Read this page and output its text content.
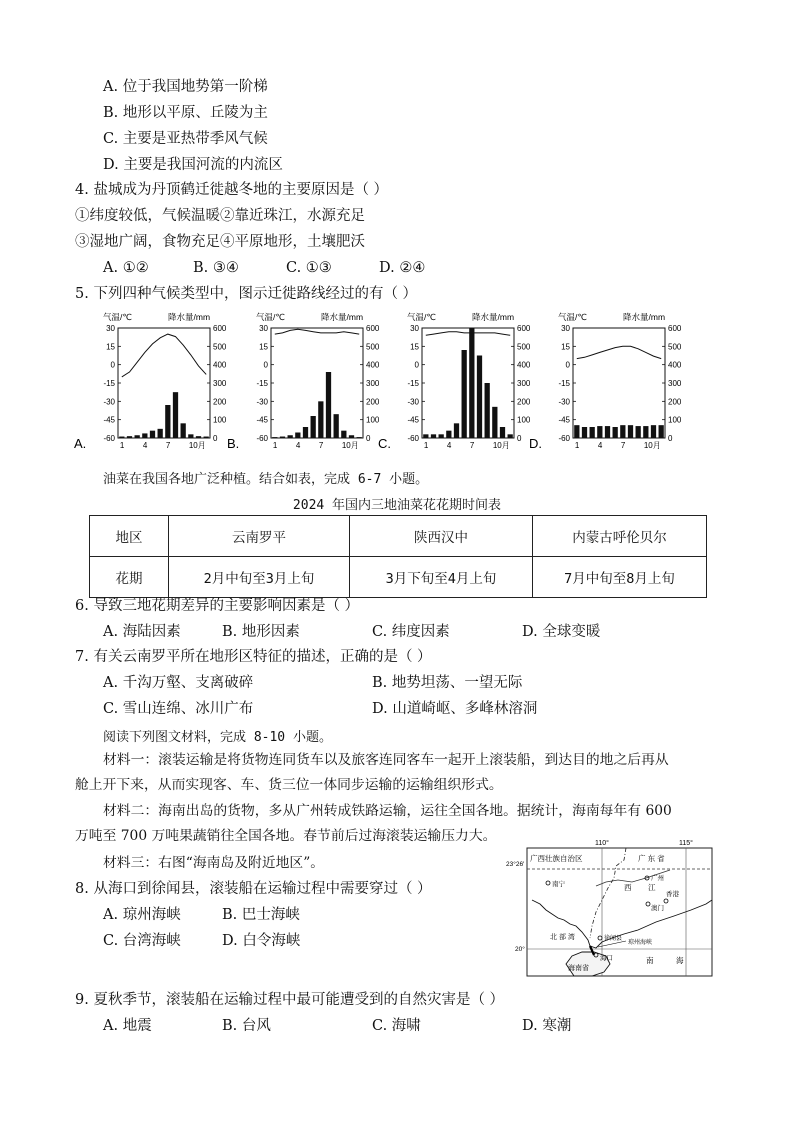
A. 位于我国地势第一阶梯
B. 地形以平原、丘陵为主
C. 主要是亚热带季风气候
D. 主要是我国河流的内流区
4. 盐城成为丹顶鹤迁徙越冬地的主要原因是（ ）
①纬度较低，气候温暖②靠近珠江，水源充足
③湿地广阔，食物充足④平原地形，土壤肥沃
A. ①②	B. ③④	C. ①③	D. ②④
5. 下列四种气候类型中，图示迁徙路线经过的有（ ）
气温/℃	降水量/mm
30
15
0
-15
-30
-45
-60
600
500
400
300
200
100
0
1 4 7 10月
A.
气温/℃	降水量/mm
30
15
0
-15
-30
-45
-60
600
500
400
300
200
100
0
1 4 7 10月
B.
气温/℃	降水量/mm
30
15
0
-15
-30
-45
-60
600
500
400
300
200
100
0
1 4 7 10月
C.
气温/℃	降水量/mm
30
15
0
-15
-30
-45
-60
600
500
400
300
200
100
0
1 4 7 10月
D.
油菜在我国各地广泛种植。结合如表，完成 6-7 小题。
2024 年国内三地油菜花花期时间表
地区	云南罗平	陕西汉中	内蒙古呼伦贝尔
花期	2月中旬至3月上旬	3月下旬至4月上旬	7月中旬至8月上旬
6. 导致三地花期差异的主要影响因素是（ ）
A. 海陆因素	B. 地形因素	C. 纬度因素	D. 全球变暖
7. 有关云南罗平所在地形区特征的描述，正确的是（ ）
A. 千沟万壑、支离破碎	B. 地势坦荡、一望无际
C. 雪山连绵、冰川广布	D. 山道崎岖、多峰林溶洞
阅读下列图文材料，完成 8-10 小题。
材料一：滚装运输是将货物连同货车以及旅客连同客车一起开上滚装船，到达目的地之后再从
舱上开下来，从而实现客、车、货三位一体同步运输的运输组织形式。
材料二：海南出岛的货物，多从广州转成铁路运输，运往全国各地。据统计，海南每年有 600
万吨至 700 万吨果蔬销往全国各地。春节前后过海滚装运输压力大。
材料三：右图“海南岛及附近地区”。
8. 从海口到徐闻县，滚装船在运输过程中需要穿过（ ）
A. 琼州海峡	B. 巴士海峡
C. 台湾海峡	D. 白令海峡
110°	115°
23°26′
20°
广西壮族自治区	广 东 省
南宁
广州
西 江
香港
澳门
北 部 湾	徐闻县
琼州海峡
海口	南	海
海南省
9. 夏秋季节，滚装船在运输过程中最可能遭受到的自然灾害是（ ）
A. 地震	B. 台风	C. 海啸	D. 寒潮
